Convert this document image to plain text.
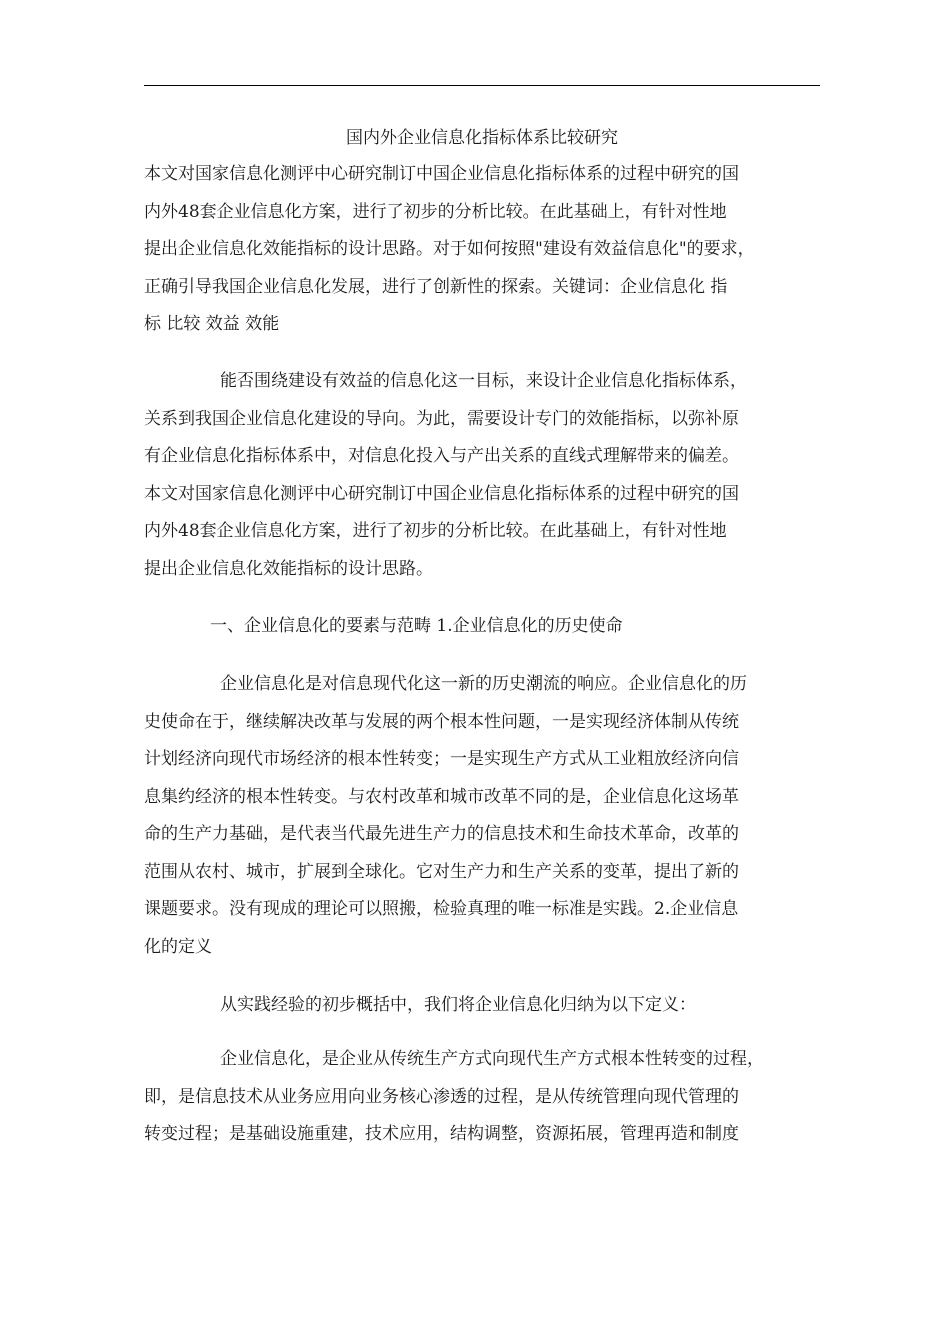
国内外企业信息化指标体系比较研究
本文对国家信息化测评中心研究制订中国企业信息化指标体系的过程中研究的国
内外48套企业信息化方案，进行了初步的分析比较。在此基础上，有针对性地
提出企业信息化效能指标的设计思路。对于如何按照"建设有效益信息化"的要求，
正确引导我国企业信息化发展，进行了创新性的探索。关键词：企业信息化 指
标 比较 效益 效能
能否围绕建设有效益的信息化这一目标，来设计企业信息化指标体系，
关系到我国企业信息化建设的导向。为此，需要设计专门的效能指标，以弥补原
有企业信息化指标体系中，对信息化投入与产出关系的直线式理解带来的偏差。
本文对国家信息化测评中心研究制订中国企业信息化指标体系的过程中研究的国
内外48套企业信息化方案，进行了初步的分析比较。在此基础上，有针对性地
提出企业信息化效能指标的设计思路。
一、企业信息化的要素与范畴 1.企业信息化的历史使命
企业信息化是对信息现代化这一新的历史潮流的响应。企业信息化的历
史使命在于，继续解决改革与发展的两个根本性问题，一是实现经济体制从传统
计划经济向现代市场经济的根本性转变；一是实现生产方式从工业粗放经济向信
息集约经济的根本性转变。与农村改革和城市改革不同的是，企业信息化这场革
命的生产力基础，是代表当代最先进生产力的信息技术和生命技术革命，改革的
范围从农村、城市，扩展到全球化。它对生产力和生产关系的变革，提出了新的
课题要求。没有现成的理论可以照搬，检验真理的唯一标准是实践。2.企业信息
化的定义
从实践经验的初步概括中，我们将企业信息化归纳为以下定义：
企业信息化，是企业从传统生产方式向现代生产方式根本性转变的过程，
即，是信息技术从业务应用向业务核心渗透的过程，是从传统管理向现代管理的
转变过程；是基础设施重建，技术应用，结构调整，资源拓展，管理再造和制度
